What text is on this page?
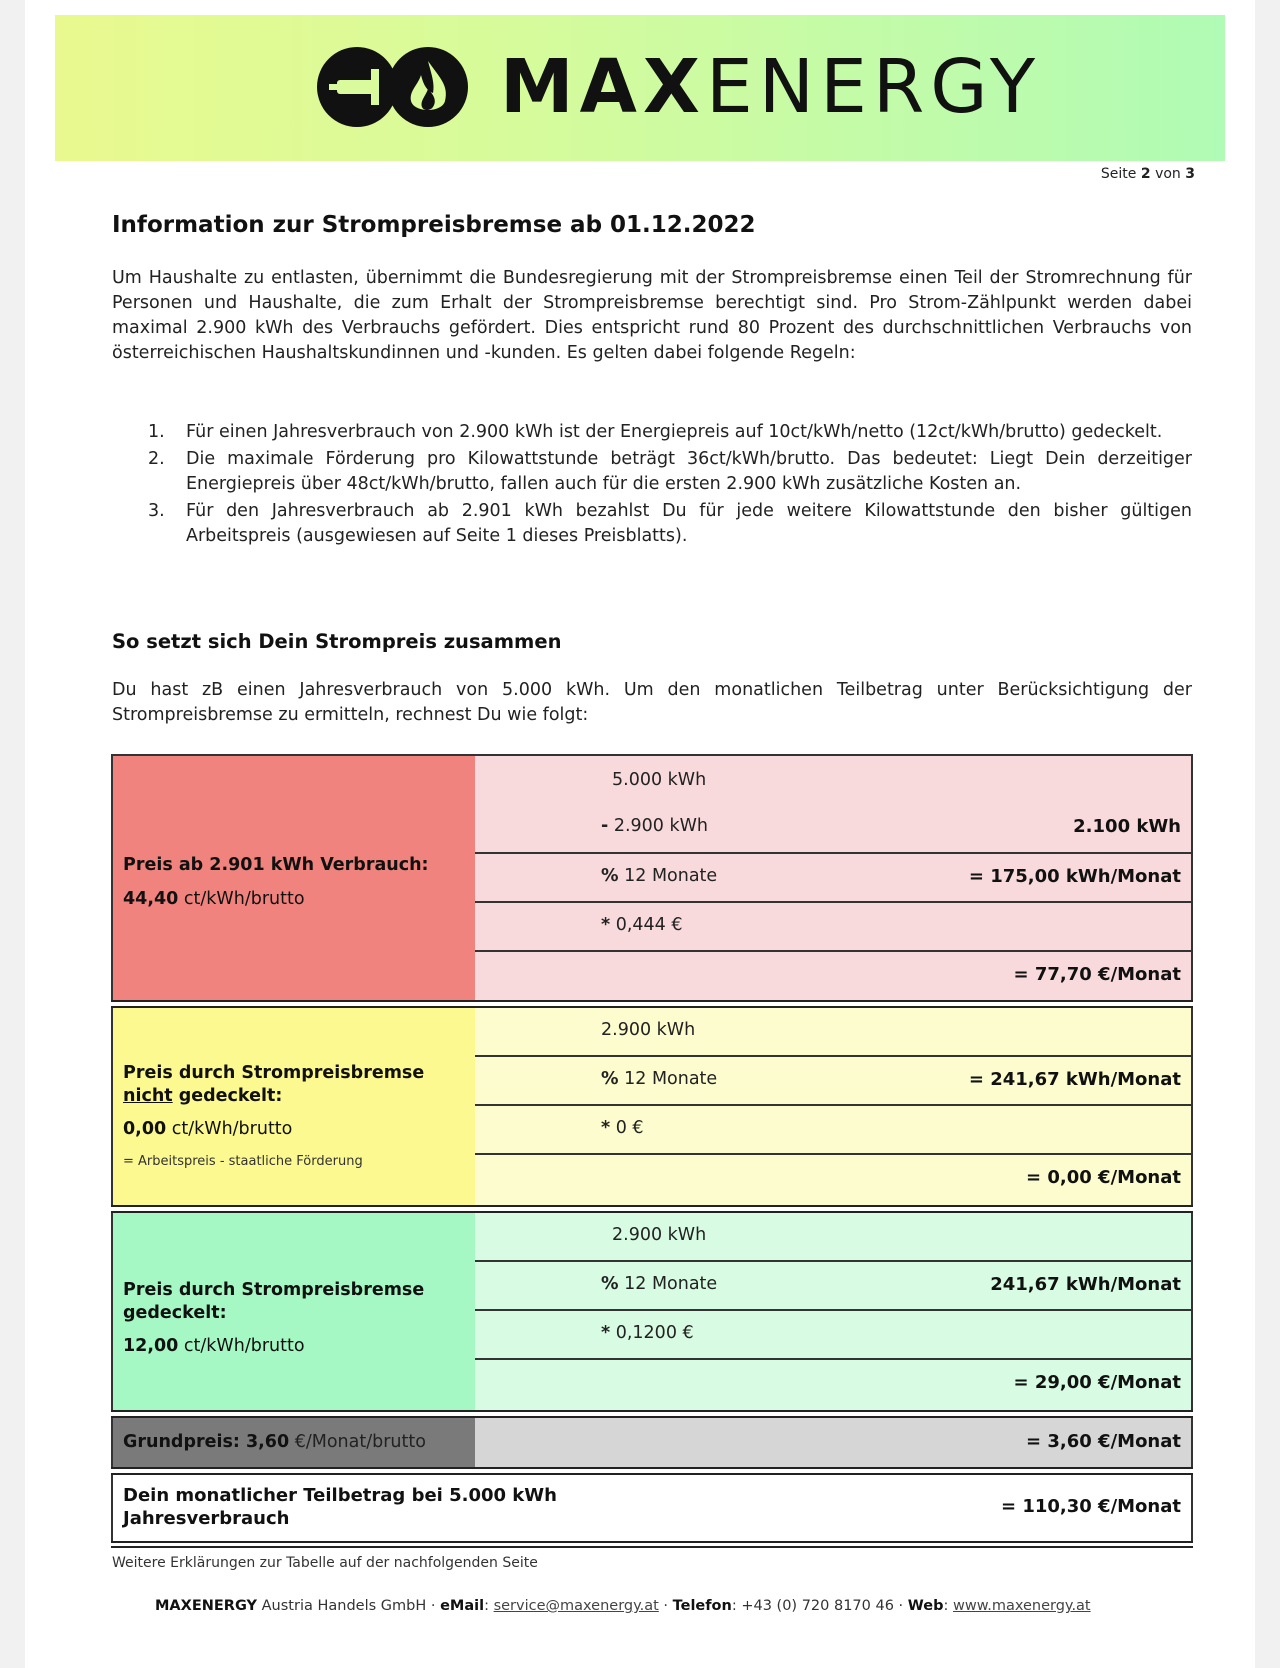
MAXENERGY
Seite 2 von 3
Information zur Strompreisbremse ab 01.12.2022

Um Haushalte zu entlasten, übernimmt die Bundesregierung mit der Strompreisbremse einen Teil der Stromrechnung für Personen und Haushalte, die zum Erhalt der Strompreisbremse berechtigt sind. Pro Strom-Zählpunkt werden dabei maximal 2.900 kWh des Verbrauchs gefördert. Dies entspricht rund 80 Prozent des durchschnittlichen Verbrauchs von österreichischen Haushaltskundinnen und -kunden. Es gelten dabei folgende Regeln:

1. Für einen Jahresverbrauch von 2.900 kWh ist der Energiepreis auf 10ct/kWh/netto (12ct/kWh/brutto) gedeckelt.
2. Die maximale Förderung pro Kilowattstunde beträgt 36ct/kWh/brutto. Das bedeutet: Liegt Dein derzeitiger Energiepreis über 48ct/kWh/brutto, fallen auch für die ersten 2.900 kWh zusätzliche Kosten an.
3. Für den Jahresverbrauch ab 2.901 kWh bezahlst Du für jede weitere Kilowattstunde den bisher gültigen Arbeitspreis (ausgewiesen auf Seite 1 dieses Preisblatts).
So setzt sich Dein Strompreis zusammen

Du hast zB einen Jahresverbrauch von 5.000 kWh. Um den monatlichen Teilbetrag unter Berücksichtigung der Strompreisbremse zu ermitteln, rechnest Du wie folgt:

Preis ab 2.901 kWh Verbrauch:
44,40 ct/kWh/brutto
5.000 kWh
- 2.900 kWh	2.100 kWh
% 12 Monate	= 175,00 kWh/Monat
* 0,444 €
= 77,70 €/Monat
Preis durch Strompreisbremse
nicht gedeckelt:
0,00 ct/kWh/brutto
= Arbeitspreis - staatliche Förderung
2.900 kWh
% 12 Monate	= 241,67 kWh/Monat
* 0 €
= 0,00 €/Monat
Preis durch Strompreisbremse
gedeckelt:
12,00 ct/kWh/brutto
2.900 kWh
% 12 Monate	241,67 kWh/Monat
* 0,1200 €
= 29,00 €/Monat
Grundpreis: 3,60 €/Monat/brutto	= 3,60 €/Monat
Dein monatlicher Teilbetrag bei 5.000 kWh
Jahresverbrauch
= 110,30 €/Monat
Weitere Erklärungen zur Tabelle auf der nachfolgenden Seite
MAXENERGY Austria Handels GmbH · eMail: service@maxenergy.at · Telefon: +43 (0) 720 8170 46 · Web: www.maxenergy.at
